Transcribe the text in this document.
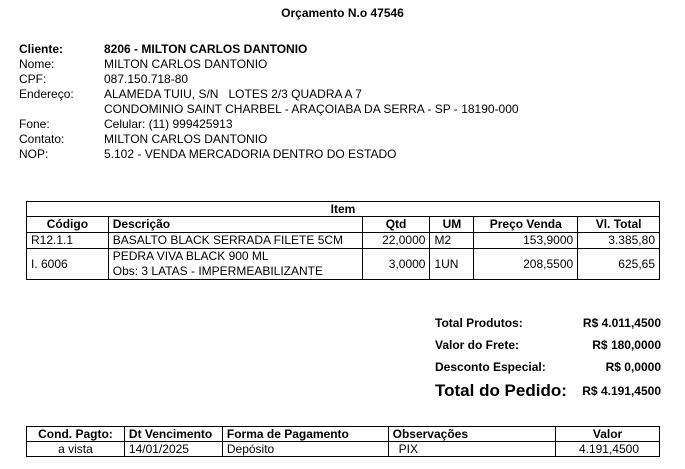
Orçamento N.o 47546
Cliente:	8206 - MILTON CARLOS DANTONIO
Nome:	MILTON CARLOS DANTONIO
CPF:	087.150.718-80
Endereço:	ALAMEDA TUIU, S/N   LOTES 2/3 QUADRA A 7
CONDOMINIO SAINT CHARBEL - ARAÇOIABA DA SERRA - SP - 18190-000
Fone:	Celular: (11) 999425913
Contato:	MILTON CARLOS DANTONIO
NOP:	5.102 - VENDA MERCADORIA DENTRO DO ESTADO
Item					
Código	Descrição	Qtd	UM	Preço Venda	Vl. Total
R12.1.1	BASALTO BLACK SERRADA FILETE 5CM	22,0000	M2	153,9000	3.385,80
I. 6006	PEDRA VIVA BLACK 900 ML
Obs: 3 LATAS - IMPERMEABILIZANTE	3,0000	1UN	208,5500	625,65
Total Produtos:	R$ 4.011,4500
Valor do Frete:	R$ 180,0000
Desconto Especial:	R$ 0,0000
Total do Pedido: R$ 4.191,4500
Cond. Pagto:	Dt Vencimento	Forma de Pagamento	Observações	Valor
a vista	14/01/2025	Depósito	PIX	4.191,4500
